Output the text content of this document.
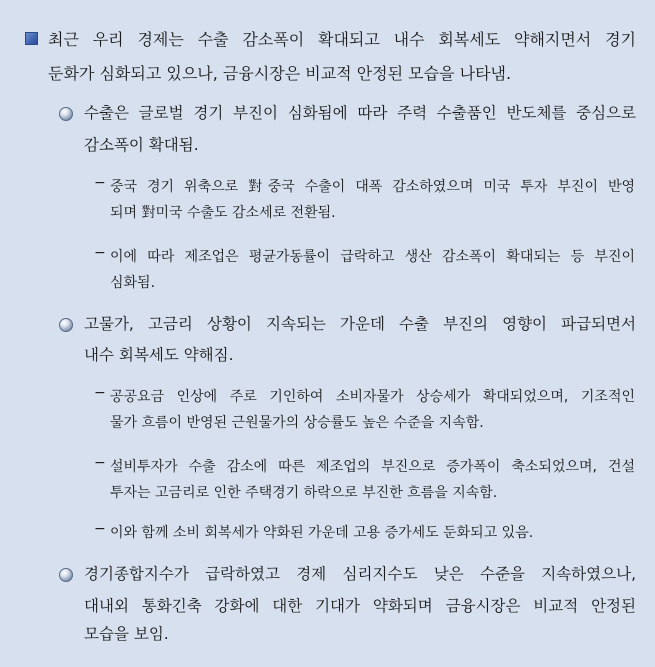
최근 우리 경제는 수출 감소폭이 확대되고 내수 회복세도 약해지면서 경기
둔화가 심화되고 있으나, 금융시장은 비교적 안정된 모습을 나타냄.
수출은 글로벌 경기 부진이 심화됨에 따라 주력 수출품인 반도체를 중심으로
감소폭이 확대됨.
− 중국 경기 위축으로 對중국 수출이 대폭 감소하였으며 미국 투자 부진이 반영
되며 對미국 수출도 감소세로 전환됨.
− 이에 따라 제조업은 평균가동률이 급락하고 생산 감소폭이 확대되는 등 부진이
심화됨.
고물가, 고금리 상황이 지속되는 가운데 수출 부진의 영향이 파급되면서
내수 회복세도 약해짐.
− 공공요금 인상에 주로 기인하여 소비자물가 상승세가 확대되었으며, 기조적인
물가 흐름이 반영된 근원물가의 상승률도 높은 수준을 지속함.
− 설비투자가 수출 감소에 따른 제조업의 부진으로 증가폭이 축소되었으며, 건설
투자는 고금리로 인한 주택경기 하락으로 부진한 흐름을 지속함.
− 이와 함께 소비 회복세가 약화된 가운데 고용 증가세도 둔화되고 있음.
경기종합지수가 급락하였고 경제 심리지수도 낮은 수준을 지속하였으나,
대내외 통화긴축 강화에 대한 기대가 약화되며 금융시장은 비교적 안정된
모습을 보임.
